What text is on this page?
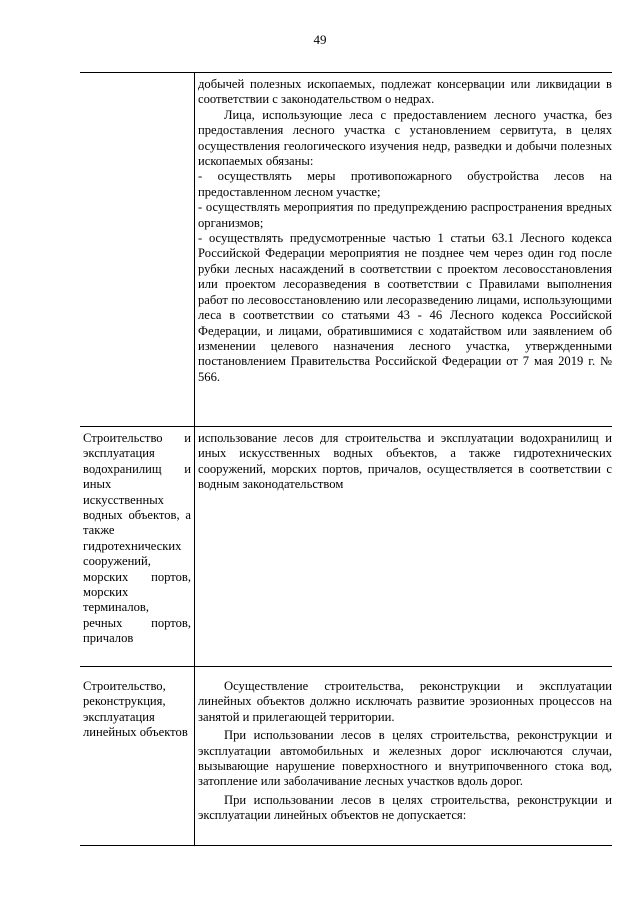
49

	добычей полезных ископаемых, подлежат консервации или ликвидации в соответствии с законодательством о недрах.

Лица, использующие леса с предоставлением лесного участка, без предоставления лесного участка с установлением сервитута, в целях осуществления геологического изучения недр, разведки и добычи полезных ископаемых обязаны:

- осуществлять меры противопожарного обустройства лесов на предоставленном лесном участке;

- осуществлять мероприятия по предупреждению распространения вредных организмов;

- осуществлять предусмотренные частью 1 статьи 63.1 Лесного кодекса Российской Федерации мероприятия не позднее чем через один год после рубки лесных насаждений в соответствии с проектом лесовосстановления или проектом лесоразведения в соответствии с Правилами выполнения работ по лесовосстановлению или лесоразведению лицами, использующими леса в соответствии со статьями 43 - 46 Лесного кодекса Российской Федерации, и лицами, обратившимися с ходатайством или заявлением об изменении целевого назначения лесного участка, утвержденными постановлением Правительства Российской Федерации от 7 мая 2019 г. № 566.

Строительство и эксплуатация водохранилищ и иных искусственных водных объектов, а также гидротехнических сооружений, морских портов, морских терминалов, речных портов, причалов	использование лесов для строительства и эксплуатации водохранилищ и иных искусственных водных объектов, а также гидротехнических сооружений, морских портов, причалов, осуществляется в соответствии с водным законодательством

Строительство, реконструкция, эксплуатация линейных объектов	Осуществление строительства, реконструкции и эксплуатации линейных объектов должно исключать развитие эрозионных процессов на занятой и прилегающей территории.

При использовании лесов в целях строительства, реконструкции и эксплуатации автомобильных и железных дорог исключаются случаи, вызывающие нарушение поверхностного и внутрипочвенного стока вод, затопление или заболачивание лесных участков вдоль дорог.

При использовании лесов в целях строительства, реконструкции и эксплуатации линейных объектов не допускается:
